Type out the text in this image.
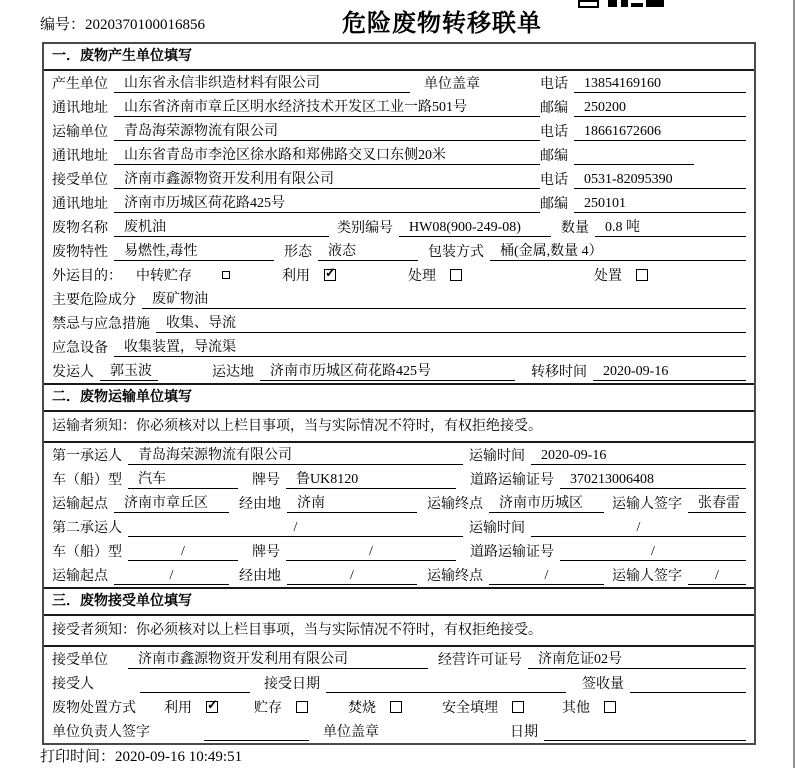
编号：2020370100016856	危险废物转移联单
一．废物产生单位填写
产生单位	山东省永信非织造材料有限公司	单位盖章	电话	13854169160
通讯地址	山东省济南市章丘区明水经济技术开发区工业一路501号	邮编	250200
运输单位	青岛海荣源物流有限公司	电话	18661672606
通讯地址	山东省青岛市李沧区徐水路和郑佛路交叉口东侧20米	邮编
接受单位	济南市鑫源物资开发利用有限公司	电话	0531-82095390
通讯地址	济南市历城区荷花路425号	邮编	250101
废物名称	废机油	类别编号	HW08(900-249-08)	数量	0.8 吨
废物特性	易燃性,毒性	形态	液态	包装方式	桶(金属,数量 4）
外运目的： 中转贮存	利用 ✓	处理	处置
主要危险成分	废矿物油
禁忌与应急措施	收集、导流
应急设备	收集装置，导流渠
发运人	郭玉波	运达地	济南市历城区荷花路425号	转移时间	2020-09-16
二．废物运输单位填写
运输者须知：你必须核对以上栏目事项，当与实际情况不符时，有权拒绝接受。
第一承运人	青岛海荣源物流有限公司	运输时间	2020-09-16
车（船）型	汽车	牌号	鲁UK8120	道路运输证号	370213006408
运输起点	济南市章丘区	经由地	济南	运输终点	济南市历城区	运输人签字	张春雷
第二承运人	/	运输时间	/
车（船）型	/	牌号	/	道路运输证号	/
运输起点	/	经由地	/	运输终点	/	运输人签字	/
三．废物接受单位填写
接受者须知：你必须核对以上栏目事项，当与实际情况不符时，有权拒绝接受。
接受单位	济南市鑫源物资开发利用有限公司	经营许可证号	济南危证02号
接受人	接受日期	签收量
废物处置方式 利用 ✓	贮存	焚烧	安全填埋	其他
单位负责人签字	单位盖章	日期
打印时间：2020-09-16 10:49:51
